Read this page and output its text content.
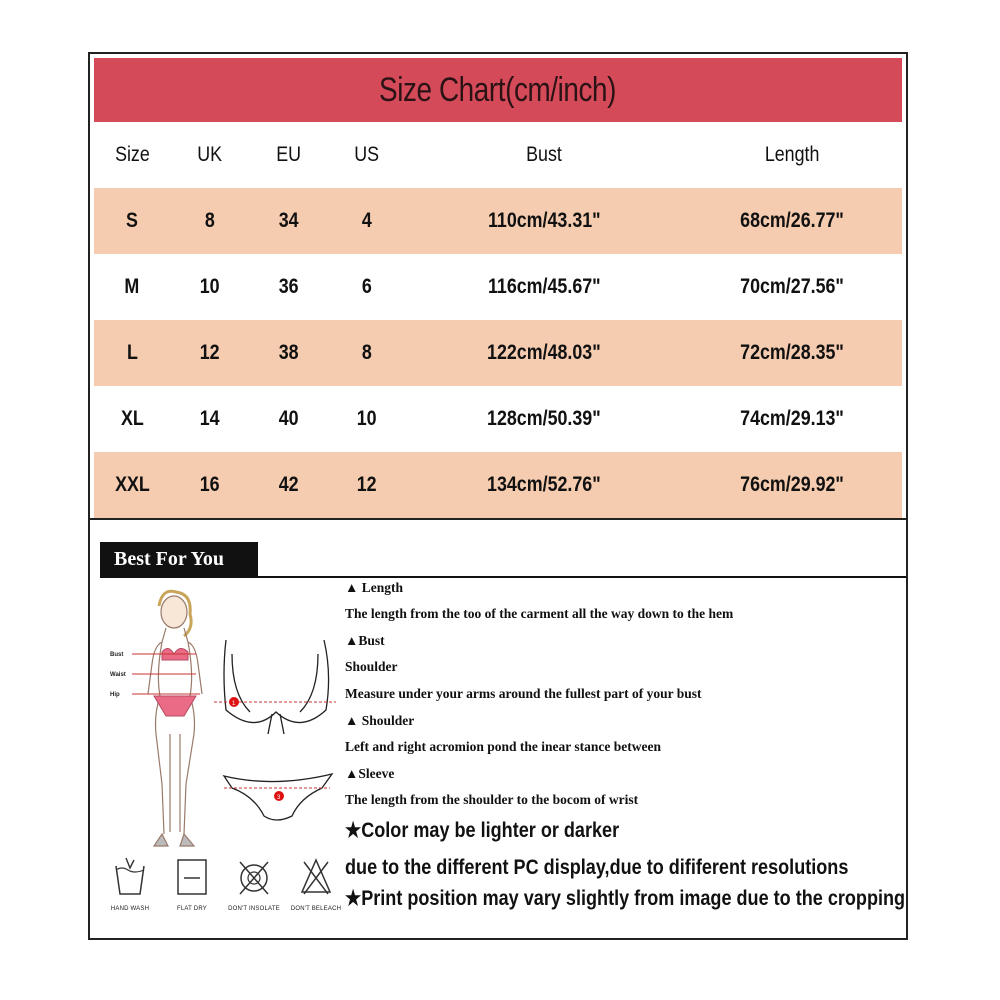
Size Chart(cm/inch)
Size UK	EU	US	Bust	Length
S	8	34	4	110cm/43.31"	68cm/26.77"
M	10	36	6	116cm/45.67"	70cm/27.56"
L	12	38	8	122cm/48.03"	72cm/28.35"
XL	14	40	10	128cm/50.39"	74cm/29.13"
XXL 16	42	12	134cm/52.76"	76cm/29.92"
Best For You
Bust
Waist
Hip
1
3
HAND WASH	FLAT DRY	DON'T INSOLATE	DON'T BELEACH
▲ Length
The length from the too of the carment all the way down to the hem
▲Bust
Shoulder
Measure under your arms around the fullest part of your bust
▲ Shoulder
Left and right acromion pond the inear stance between
▲Sleeve
The length from the shoulder to the bocom of wrist
★Color may be lighter or darker
due to the different PC display,due to dififerent resolutions
★Print position may vary slightly from image due to the cropping
